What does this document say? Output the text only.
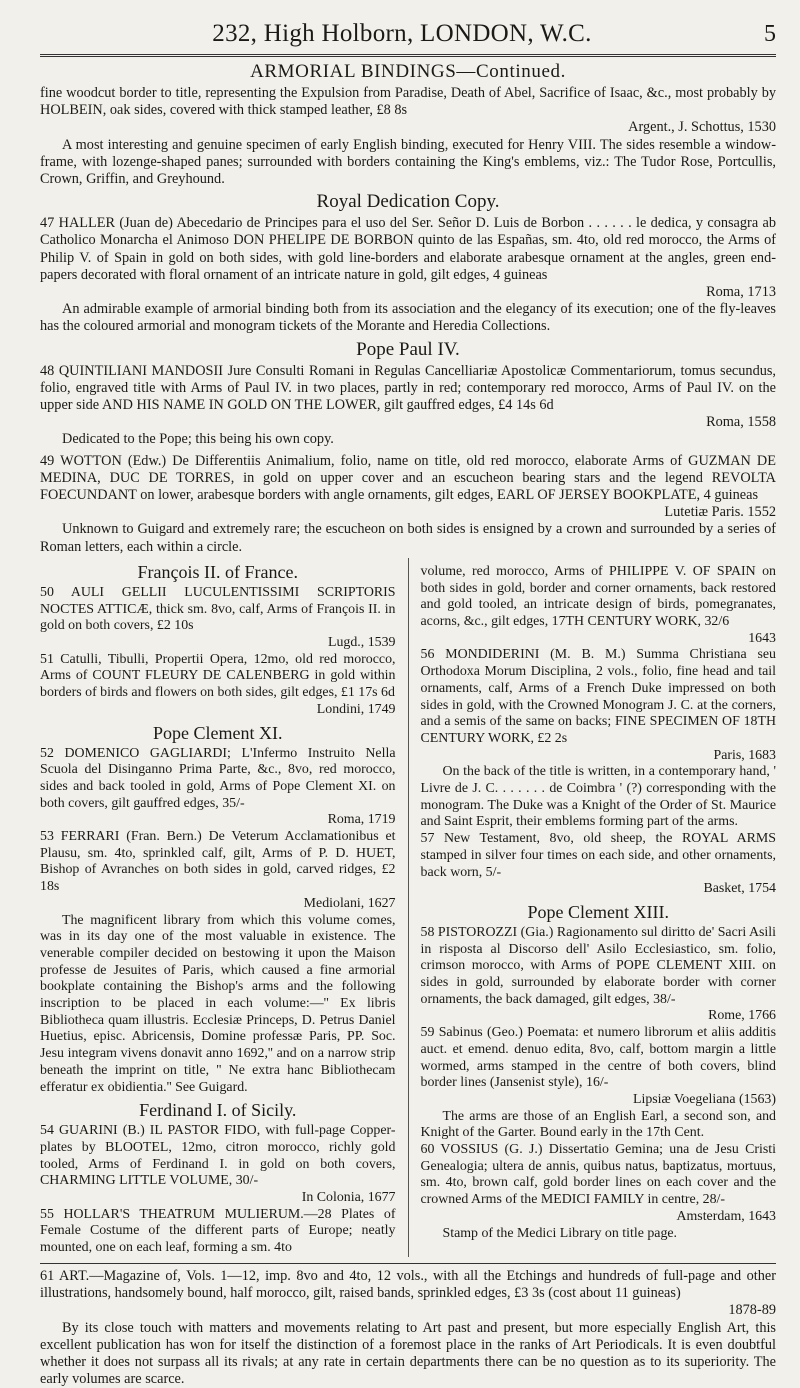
232, High Holborn, LONDON, W.C.	5
ARMORIAL BINDINGS—Continued.

fine woodcut border to title, representing the Expulsion from Paradise, Death of Abel, Sacrifice of Isaac, &c., most probably by HOLBEIN, oak sides, covered with thick stamped leather, £8 8s

Argent., J. Schottus, 1530

A most interesting and genuine specimen of early English binding, executed for Henry VIII. The sides resemble a window-frame, with lozenge-shaped panes; surrounded with borders containing the King's emblems, viz.: The Tudor Rose, Portcullis, Crown, Griffin, and Greyhound.

Royal Dedication Copy.

47 HALLER (Juan de) Abecedario de Principes para el uso del Ser. Señor D. Luis de Borbon . . . . . . le dedica, y consagra ab Catholico Monarcha el Animoso DON PHELIPE DE BORBON quinto de las Españas, sm. 4to, old red morocco, the Arms of Philip V. of Spain in gold on both sides, with gold line-borders and elaborate arabesque ornament at the angles, green end-papers decorated with floral ornament of an intricate nature in gold, gilt edges, 4 guineas

Roma, 1713

An admirable example of armorial binding both from its association and the elegancy of its execution; one of the fly-leaves has the coloured armorial and monogram tickets of the Morante and Heredia Collections.

Pope Paul IV.

48 QUINTILIANI MANDOSII Jure Consulti Romani in Regulas Cancelliariæ Apostolicæ Commentariorum, tomus secundus, folio, engraved title with Arms of Paul IV. in two places, partly in red; contemporary red morocco, Arms of Paul IV. on the upper side AND HIS NAME IN GOLD ON THE LOWER, gilt gauffred edges, £4 14s 6d

Roma, 1558

Dedicated to the Pope; this being his own copy.

49 WOTTON (Edw.) De Differentiis Animalium, folio, name on title, old red morocco, elaborate Arms of GUZMAN DE MEDINA, DUC DE TORRES, in gold on upper cover and an escucheon bearing stars and the legend REVOLTA FOECUNDANT on lower, arabesque borders with angle ornaments, gilt edges, EARL OF JERSEY BOOKPLATE, 4 guineas

Lutetiæ Paris. 1552

Unknown to Guigard and extremely rare; the escucheon on both sides is ensigned by a crown and surrounded by a series of Roman letters, each within a circle.

François II. of France.

50 AULI GELLII LUCULENTISSIMI SCRIPTORIS NOCTES ATTICÆ, thick sm. 8vo, calf, Arms of François II. in gold on both covers, £2 10s

Lugd., 1539

51 Catulli, Tibulli, Propertii Opera, 12mo, old red morocco, Arms of COUNT FLEURY DE CALENBERG in gold within borders of birds and flowers on both sides, gilt edges, £1 17s 6d

Londini, 1749

Pope Clement XI.

52 DOMENICO GAGLIARDI; L'Infermo Instruito Nella Scuola del Disinganno Prima Parte, &c., 8vo, red morocco, sides and back tooled in gold, Arms of Pope Clement XI. on both covers, gilt gauffred edges, 35/-

Roma, 1719

53 FERRARI (Fran. Bern.) De Veterum Acclamationibus et Plausu, sm. 4to, sprinkled calf, gilt, Arms of P. D. HUET, Bishop of Avranches on both sides in gold, carved ridges, £2 18s

Mediolani, 1627

The magnificent library from which this volume comes, was in its day one of the most valuable in existence. The venerable compiler decided on bestowing it upon the Maison professe de Jesuites of Paris, which caused a fine armorial bookplate containing the Bishop's arms and the following inscription to be placed in each volume:—'' Ex libris Bibliotheca quam illustris. Ecclesiæ Princeps, D. Petrus Daniel Huetius, episc. Abricensis, Domine professæ Paris, PP. Soc. Jesu integram vivens donavit anno 1692,'' and on a narrow strip beneath the imprint on title, '' Ne extra hanc Bibliothecam efferatur ex obidientia.'' See Guigard.

Ferdinand I. of Sicily.

54 GUARINI (B.) IL PASTOR FIDO, with full-page Copper-plates by BLOOTEL, 12mo, citron morocco, richly gold tooled, Arms of Ferdinand I. in gold on both covers, CHARMING LITTLE VOLUME, 30/-

In Colonia, 1677

55 HOLLAR'S THEATRUM MULIERUM.—28 Plates of Female Costume of the different parts of Europe; neatly mounted, one on each leaf, forming a sm. 4to

volume, red morocco, Arms of PHILIPPE V. OF SPAIN on both sides in gold, border and corner ornaments, back restored and gold tooled, an intricate design of birds, pomegranates, acorns, &c., gilt edges, 17TH CENTURY WORK, 32/6

1643

56 MONDIDERINI (M. B. M.) Summa Christiana seu Orthodoxa Morum Disciplina, 2 vols., folio, fine head and tail ornaments, calf, Arms of a French Duke impressed on both sides in gold, with the Crowned Monogram J. C. at the corners, and a semis of the same on backs; FINE SPECIMEN OF 18TH CENTURY WORK, £2 2s

Paris, 1683

On the back of the title is written, in a contemporary hand, ' Livre de J. C. . . . . . . de Coimbra ' (?) corresponding with the monogram. The Duke was a Knight of the Order of St. Maurice and Saint Esprit, their emblems forming part of the arms.

57 New Testament, 8vo, old sheep, the ROYAL ARMS stamped in silver four times on each side, and other ornaments, back worn, 5/-

Basket, 1754

Pope Clement XIII.

58 PISTOROZZI (Gia.) Ragionamento sul diritto de' Sacri Asili in risposta al Discorso dell' Asilo Ecclesiastico, sm. folio, crimson morocco, with Arms of POPE CLEMENT XIII. on sides in gold, surrounded by elaborate border with corner ornaments, the back damaged, gilt edges, 38/-

Rome, 1766

59 Sabinus (Geo.) Poemata: et numero librorum et aliis additis auct. et emend. denuo edita, 8vo, calf, bottom margin a little wormed, arms stamped in the centre of both covers, blind border lines (Jansenist style), 16/-

Lipsiæ Voegeliana (1563)

The arms are those of an English Earl, a second son, and Knight of the Garter. Bound early in the 17th Cent.

60 VOSSIUS (G. J.) Dissertatio Gemina; una de Jesu Cristi Genealogia; ultera de annis, quibus natus, baptizatus, mortuus, sm. 4to, brown calf, gold border lines on each cover and the crowned Arms of the MEDICI FAMILY in centre, 28/-

Amsterdam, 1643

Stamp of the Medici Library on title page.

61 ART.—Magazine of, Vols. 1—12, imp. 8vo and 4to, 12 vols., with all the Etchings and hundreds of full-page and other illustrations, handsomely bound, half morocco, gilt, raised bands, sprinkled edges, £3 3s (cost about 11 guineas)

1878-89

By its close touch with matters and movements relating to Art past and present, but more especially English Art, this excellent publication has won for itself the distinction of a foremost place in the ranks of Art Periodicals. It is even doubtful whether it does not surpass all its rivals; at any rate in certain departments there can be no question as to its superiority. The early volumes are scarce.
